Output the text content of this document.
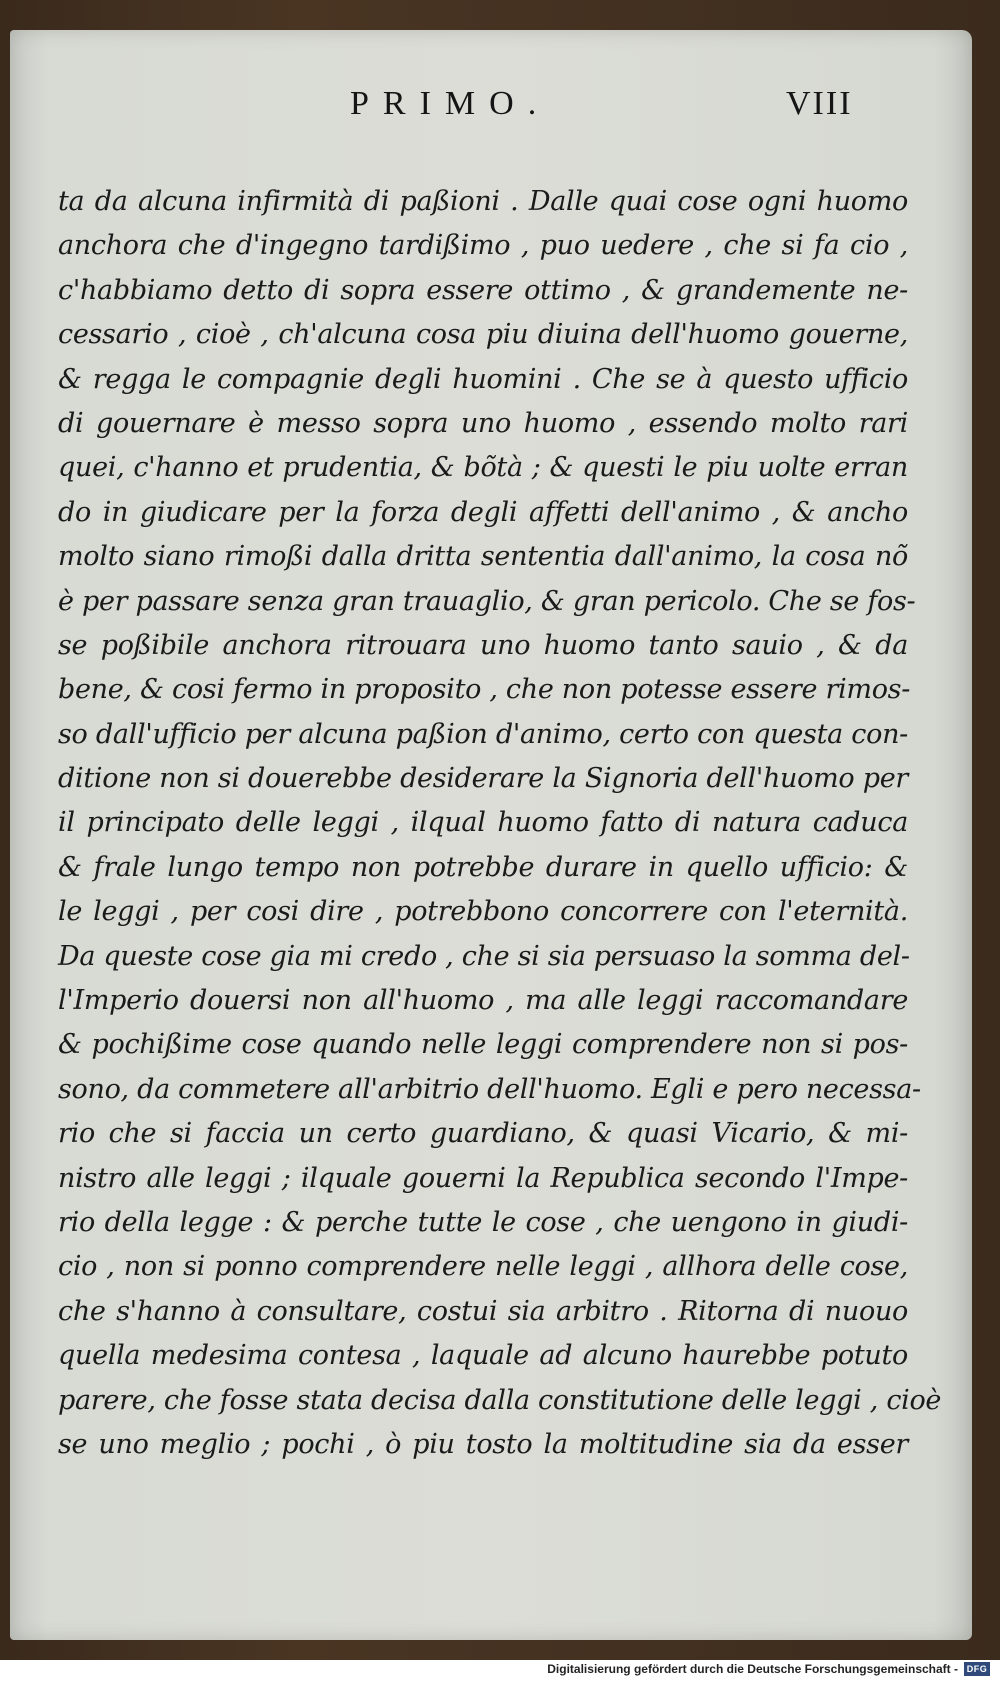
PRIMO.	VIII
ta da alcuna infirmità di paßioni . Dalle quai cose ogni huomo
anchora che d'ingegno tardißimo , puo uedere , che si fa cio ,
c'habbiamo detto di sopra essere ottimo , & grandemente ne-
cessario , cioè , ch'alcuna cosa piu diuina dell'huomo gouerne,
& regga le compagnie degli huomini . Che se à questo ufficio
di gouernare è messo sopra uno huomo , essendo molto rari
quei, c'hanno et prudentia, & bõtà ; & questi le piu uolte erran
do in giudicare per la forza degli affetti dell'animo , & ancho
molto siano rimoßi dalla dritta sententia dall'animo, la cosa nõ
è per passare senza gran trauaglio, & gran pericolo. Che se fos-
se poßibile anchora ritrouara uno huomo tanto sauio , & da
bene, & cosi fermo in proposito , che non potesse essere rimos-
so dall'ufficio per alcuna paßion d'animo, certo con questa con-
ditione non si douerebbe desiderare la Signoria dell'huomo per
il principato delle leggi , ilqual huomo fatto di natura caduca
& frale lungo tempo non potrebbe durare in quello ufficio: &
le leggi , per cosi dire , potrebbono concorrere con l'eternità.
Da queste cose gia mi credo , che si sia persuaso la somma del-
l'Imperio douersi non all'huomo , ma alle leggi raccomandare
& pochißime cose quando nelle leggi comprendere non si pos-
sono, da commetere all'arbitrio dell'huomo. Egli e pero necessa-
rio che si faccia un certo guardiano, & quasi Vicario, & mi-
nistro alle leggi ; ilquale gouerni la Republica secondo l'Impe-
rio della legge : & perche tutte le cose , che uengono in giudi-
cio , non si ponno comprendere nelle leggi , allhora delle cose,
che s'hanno à consultare, costui sia arbitro . Ritorna di nuouo
quella medesima contesa , laquale ad alcuno haurebbe potuto
parere, che fosse stata decisa dalla constitutione delle leggi , cioè
se uno meglio ; pochi , ò piu tosto la moltitudine sia da esser
Digitalisierung gefördert durch die Deutsche Forschungsgemeinschaft - DFG
